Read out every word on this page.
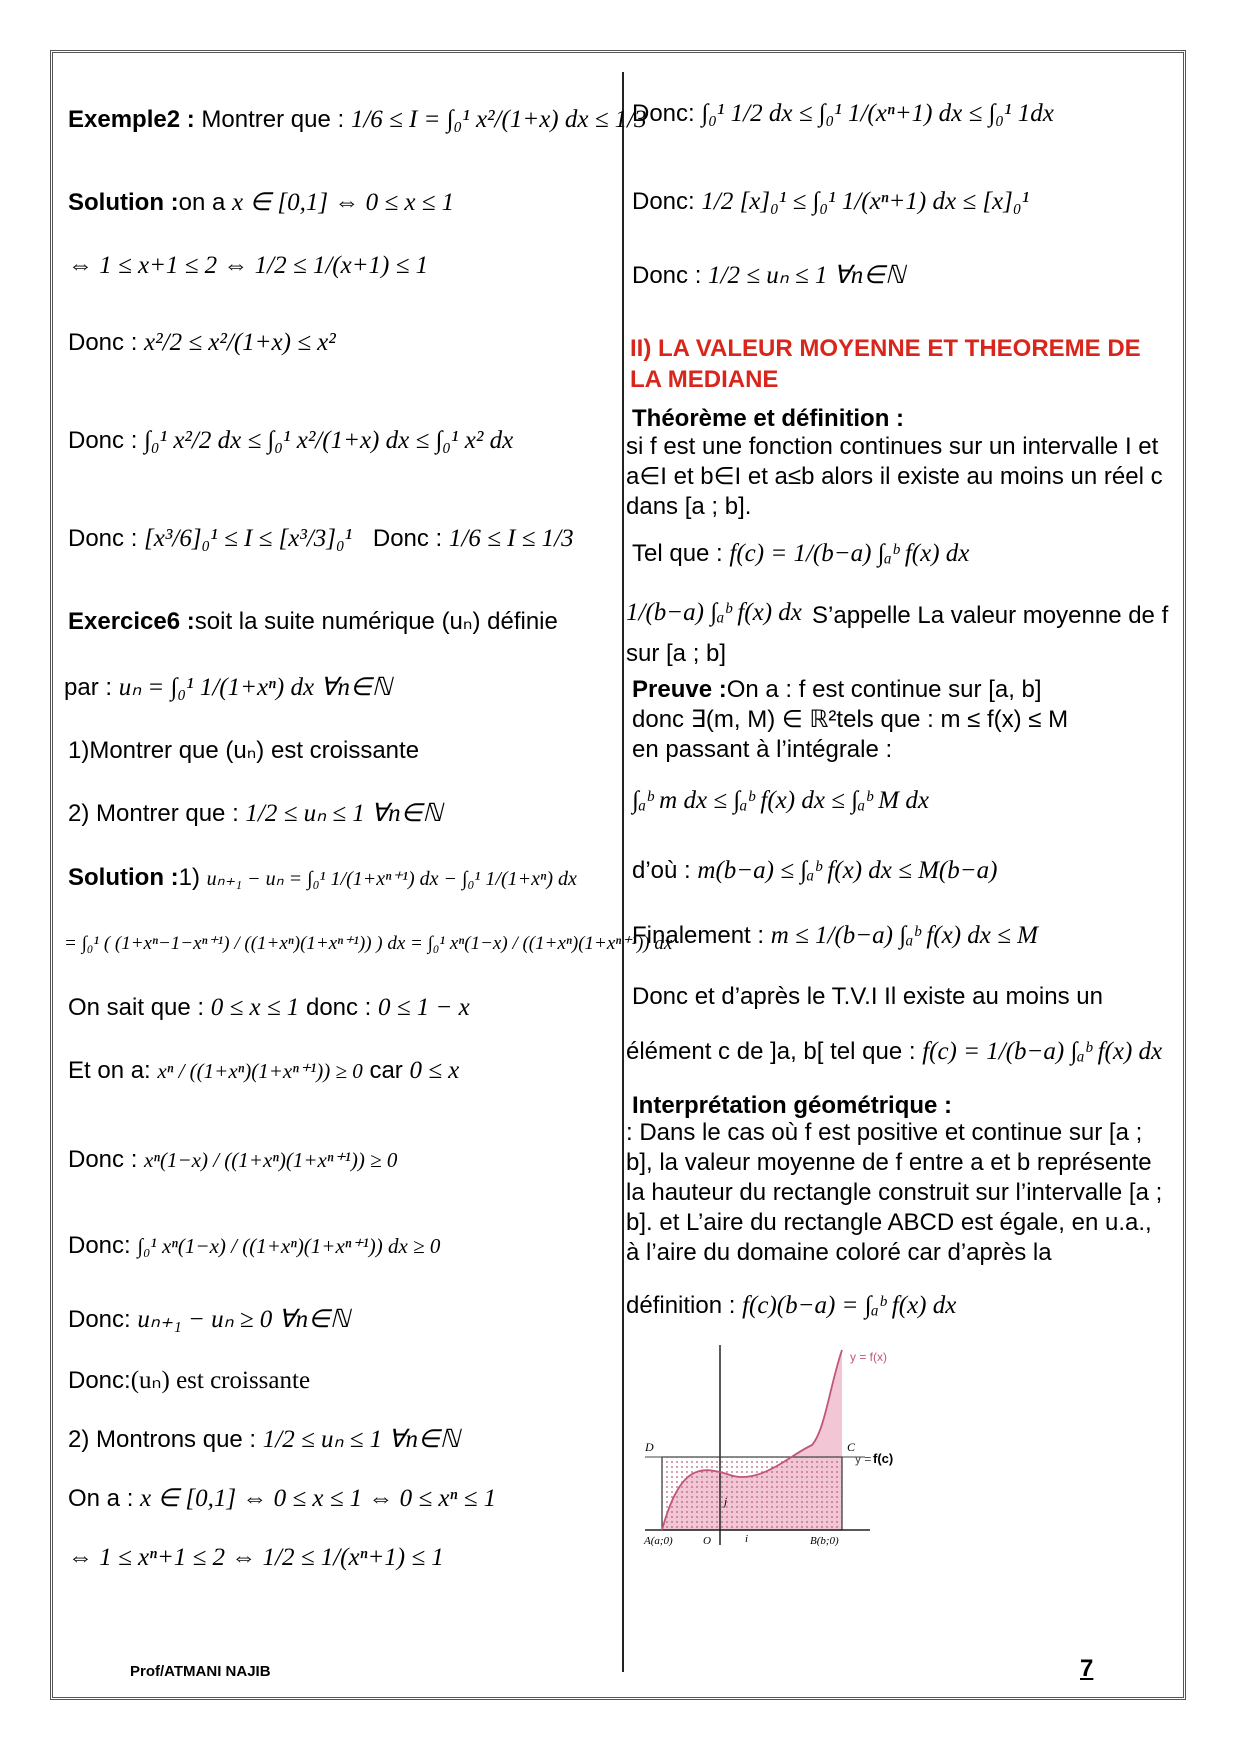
Exemple2 : Montrer que : 1/6 ≤ I = ∫₀¹ x²/(1+x) dx ≤ 1/3
Solution :on a x ∈ [0,1] ⇔ 0 ≤ x ≤ 1
⇔ 1 ≤ x+1 ≤ 2 ⇔ 1/2 ≤ 1/(x+1) ≤ 1
Donc : x²/2 ≤ x²/(1+x) ≤ x²
Donc : ∫₀¹ x²/2 dx ≤ ∫₀¹ x²/(1+x) dx ≤ ∫₀¹ x² dx
Donc : [x³/6]₀¹ ≤ I ≤ [x³/3]₀¹ Donc : 1/6 ≤ I ≤ 1/3
Exercice6 :soit la suite numérique (uₙ) définie
par : uₙ = ∫₀¹ 1/(1+xⁿ) dx ∀n∈ℕ
1)Montrer que (uₙ) est croissante
2) Montrer que : 1/2 ≤ uₙ ≤ 1 ∀n∈ℕ
Solution :1) uₙ₊₁ − uₙ = ∫₀¹ 1/(1+xⁿ⁺¹) dx − ∫₀¹ 1/(1+xⁿ) dx
= ∫₀¹ ( (1+xⁿ−1−xⁿ⁺¹) / ((1+xⁿ)(1+xⁿ⁺¹)) ) dx = ∫₀¹ xⁿ(1−x) / ((1+xⁿ)(1+xⁿ⁺¹)) dx
On sait que : 0 ≤ x ≤ 1 donc : 0 ≤ 1 − x
Et on a: xⁿ / ((1+xⁿ)(1+xⁿ⁺¹)) ≥ 0 car 0 ≤ x
Donc : xⁿ(1−x) / ((1+xⁿ)(1+xⁿ⁺¹)) ≥ 0
Donc: ∫₀¹ xⁿ(1−x) / ((1+xⁿ)(1+xⁿ⁺¹)) dx ≥ 0
Donc: uₙ₊₁ − uₙ ≥ 0 ∀n∈ℕ
Donc:(uₙ) est croissante
2) Montrons que : 1/2 ≤ uₙ ≤ 1 ∀n∈ℕ
On a : x ∈ [0,1] ⇔ 0 ≤ x ≤ 1 ⇔ 0 ≤ xⁿ ≤ 1
⇔ 1 ≤ xⁿ+1 ≤ 2 ⇔ 1/2 ≤ 1/(xⁿ+1) ≤ 1
Donc: ∫₀¹ 1/2 dx ≤ ∫₀¹ 1/(xⁿ+1) dx ≤ ∫₀¹ 1dx
Donc: 1/2 [x]₀¹ ≤ ∫₀¹ 1/(xⁿ+1) dx ≤ [x]₀¹
Donc : 1/2 ≤ uₙ ≤ 1 ∀n∈ℕ
II) LA VALEUR MOYENNE ET THEOREME DE LA MEDIANE
Théorème et définition :
si f est une fonction continues sur un intervalle I et a∈I et b∈I et a≤b alors il existe au moins un réel c dans [a ; b].
Tel que : f(c) = 1/(b−a) ∫ₐᵇ f(x) dx
1/(b−a) ∫ₐᵇ f(x) dx S’appelle La valeur moyenne de f sur [a ; b]
Preuve :On a : f est continue sur [a, b]
donc ∃(m, M) ∈ ℝ²tels que : m ≤ f(x) ≤ M
en passant à l’intégrale :
∫ₐᵇ m dx ≤ ∫ₐᵇ f(x) dx ≤ ∫ₐᵇ M dx
d’où : m(b−a) ≤ ∫ₐᵇ f(x) dx ≤ M(b−a)
Finalement : m ≤ 1/(b−a) ∫ₐᵇ f(x) dx ≤ M
Donc et d’après le T.V.I Il existe au moins un
élément c de ]a, b[ tel que : f(c) = 1/(b−a) ∫ₐᵇ f(x) dx
Interprétation géométrique :
: Dans le cas où f est positive et continue sur [a ; b], la valeur moyenne de f entre a et b représente la hauteur du rectangle construit sur l’intervalle [a ; b]. et L’aire du rectangle ABCD est égale, en u.a., à l’aire du domaine coloré car d’après la
définition : f(c)(b−a) = ∫ₐᵇ f(x) dx
y = f(x)
y = f(c)
D	C
A(a;0)	O	B(b;0)
i
j
Prof/ATMANI NAJIB	7
